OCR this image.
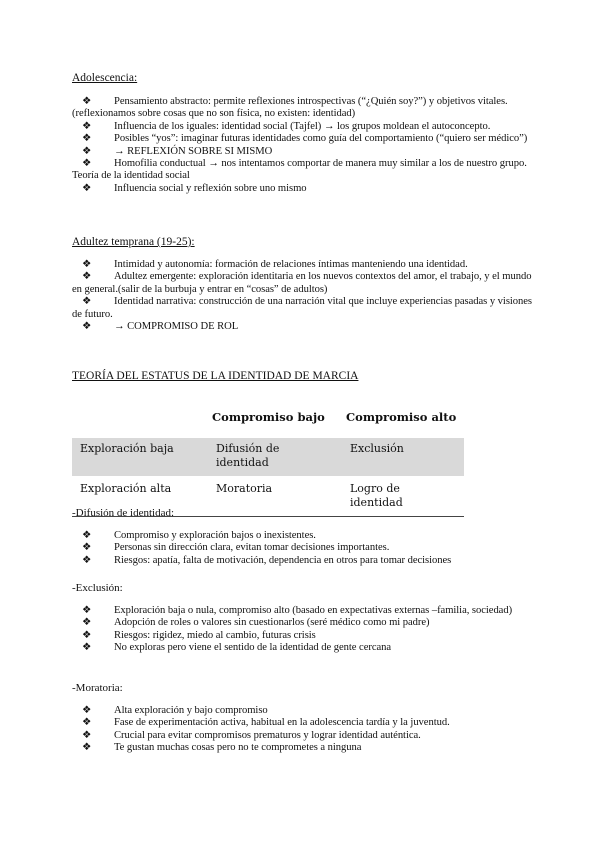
Adolescencia:
❖ Pensamiento abstracto: permite reflexiones introspectivas (“¿Quién soy?”) y objetivos vitales. (reflexionamos sobre cosas que no son física, no existen: identidad)
❖ Influencia de los iguales: identidad social (Tajfel) → los grupos moldean el autoconcepto.
❖ Posibles “yos”: imaginar futuras identidades como guía del comportamiento (“quiero ser médico”)
❖ → REFLEXIÓN SOBRE SI MISMO
❖ Homofilia conductual → nos intentamos comportar de manera muy similar a los de nuestro grupo. Teoría de la identidad social
❖ Influencia social y reflexión sobre uno mismo
Adultez temprana (19-25):
❖ Intimidad y autonomía: formación de relaciones íntimas manteniendo una identidad.
❖ Adultez emergente: exploración identitaria en los nuevos contextos del amor, el trabajo, y el mundo en general.(salir de la burbuja y entrar en “cosas” de adultos)
❖ Identidad narrativa: construcción de una narración vital que incluye experiencias pasadas y visiones de futuro.
❖ → COMPROMISO DE ROL
TEORÍA DEL ESTATUS DE LA IDENTIDAD DE MARCIA
	Compromiso bajo	Compromiso alto
Exploración baja	Difusión de identidad	Exclusión
Exploración alta	Moratoria	Logro de identidad
-Difusión de identidad:
❖ Compromiso y exploración bajos o inexistentes.
❖ Personas sin dirección clara, evitan tomar decisiones importantes.
❖ Riesgos: apatía, falta de motivación, dependencia en otros para tomar decisiones
-Exclusión:
❖ Exploración baja o nula, compromiso alto (basado en expectativas externas –familia, sociedad)
❖ Adopción de roles o valores sin cuestionarlos (seré médico como mi padre)
❖ Riesgos: rigidez, miedo al cambio, futuras crisis
❖ No exploras pero viene el sentido de la identidad de gente cercana
-Moratoria:
❖ Alta exploración y bajo compromiso
❖ Fase de experimentación activa, habitual en la adolescencia tardía y la juventud.
❖ Crucial para evitar compromisos prematuros y lograr identidad auténtica.
❖ Te gustan muchas cosas pero no te comprometes a ninguna
